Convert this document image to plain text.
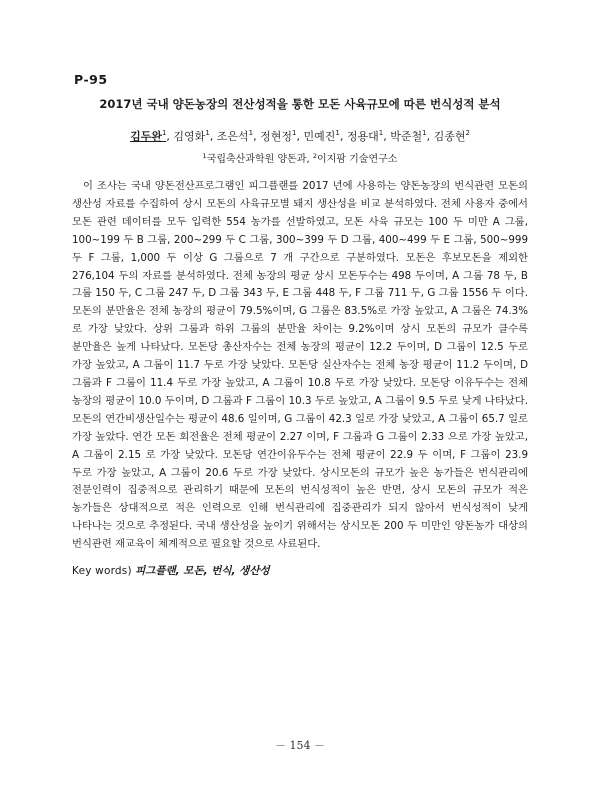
P-95
2017년 국내 양돈농장의 전산성적을 통한 모돈 사육규모에 따른 번식성적 분석
김두완$^1$, 김영화$^1$, 조은석$^1$, 정현정$^1$, 민예진$^1$, 정용대$^1$, 박준철$^1$, 김종현$^2$
$^1$국립축산과학원 양돈과, $^2$이지팜 기술연구소

이 조사는 국내 양돈전산프로그램인 피그플랜를 2017 년에 사용하는 양돈농장의 번식관련 모돈의 생산성 자료를 수집하여 상시 모돈의 사육규모별 돼지 생산성을 비교 분석하였다. 전체 사용자 중에서 모돈 관련 데이터를 모두 입력한 554 농가를 선발하였고, 모돈 사육 규모는 100 두 미만 A 그룹, 100~199 두 B 그룹, 200~299 두 C 그룹, 300~399 두 D 그룹, 400~499 두 E 그룹, 500~999 두 F 그룹, 1,000 두 이상 G 그룹으로 7 개 구간으로 구분하였다. 모돈은 후보모돈을 제외한 276,104 두의 자료를 분석하였다. 전체 농장의 평균 상시 모돈두수는 498 두이며, A 그룹 78 두, B 그룹 150 두, C 그룹 247 두, D 그룹 343 두, E 그룹 448 두, F 그룹 711 두, G 그룹 1556 두 이다. 모돈의 분만율은 전체 농장의 평균이 79.5%이며, G 그룹은 83.5%로 가장 높았고, A 그룹은 74.3%로 가장 낮았다. 상위 그룹과 하위 그룹의 분만율 차이는 9.2%이며 상시 모돈의 규모가 클수록 분만율은 높게 나타났다. 모돈당 총산자수는 전체 농장의 평균이 12.2 두이며, D 그룹이 12.5 두로 가장 높았고, A 그룹이 11.7 두로 가장 낮았다. 모돈당 실산자수는 전체 농장 평균이 11.2 두이며, D 그룹과 F 그룹이 11.4 두로 가장 높았고, A 그룹이 10.8 두로 가장 낮았다. 모돈당 이유두수는 전체 농장의 평균이 10.0 두이며, D 그룹과 F 그룹이 10.3 두로 높았고, A 그룹이 9.5 두로 낮게 나타났다. 모돈의 연간비생산일수는 평균이 48.6 일이며, G 그룹이 42.3 일로 가장 낮았고, A 그룹이 65.7 일로 가장 높았다. 연간 모돈 회전율은 전체 평균이 2.27 이며, F 그룹과 G 그룹이 2.33 으로 가장 높았고, A 그룹이 2.15 로 가장 낮았다. 모돈당 연간이유두수는 전체 평균이 22.9 두 이며, F 그룹이 23.9 두로 가장 높았고, A 그룹이 20.6 두로 가장 낮았다. 상시모돈의 규모가 높은 농가들은 번식관리에 전문인력이 집중적으로 관리하기 때문에 모돈의 번식성적이 높은 반면, 상시 모돈의 규모가 적은 농가들은 상대적으로 적은 인력으로 인해 번식관리에 집중관리가 되지 않아서 번식성적이 낮게 나타나는 것으로 추정된다. 국내 생산성을 높이기 위해서는 상시모돈 200 두 미만인 양돈농가 대상의 번식관련 재교육이 체계적으로 필요할 것으로 사료된다.

Key words) 피그플랜, 모돈, 번식, 생산성
－ 154 －
